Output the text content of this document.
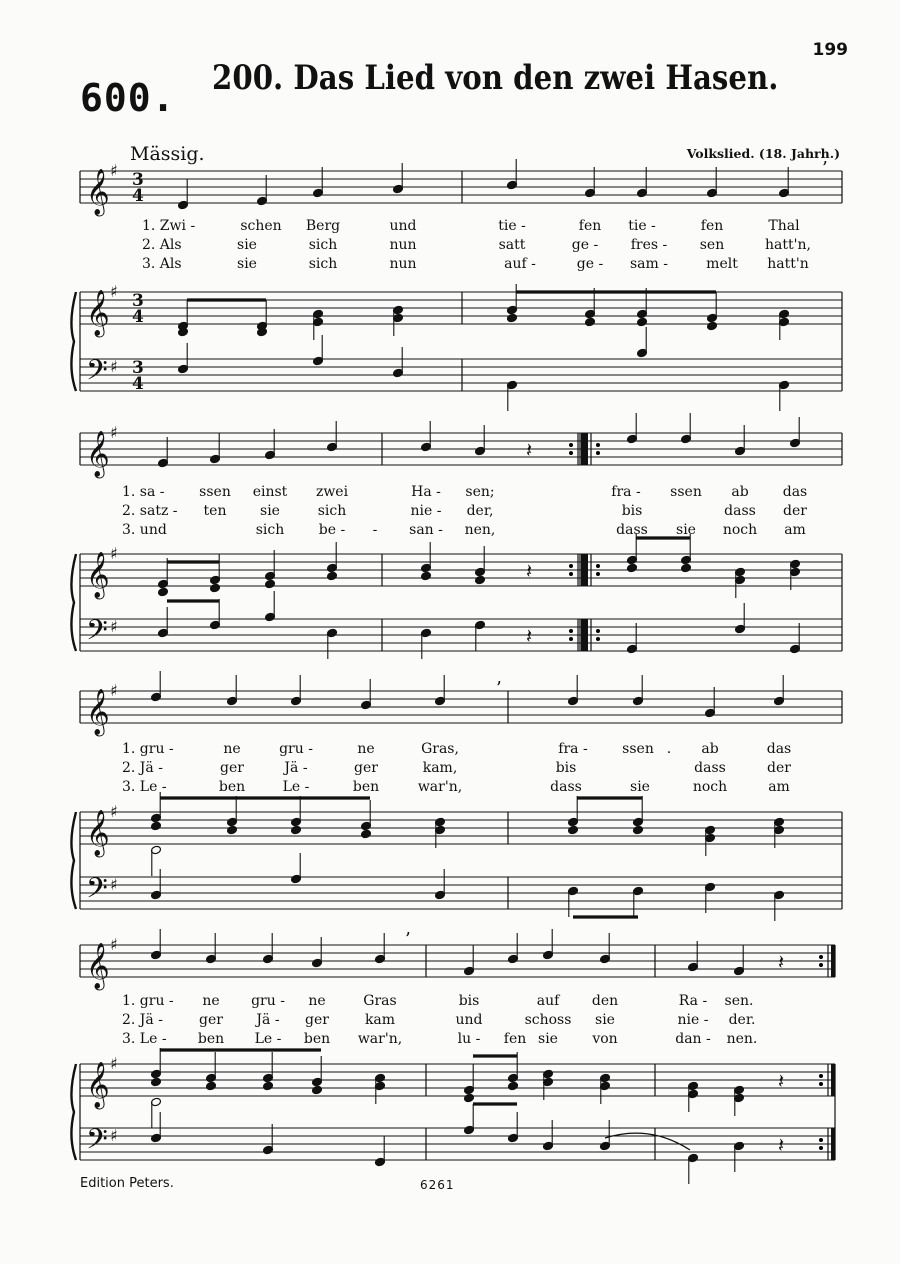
𝄞
𝄞
𝄢
♯
♯
♯
3
4
3
4
3
4
𝄞
𝄞
𝄢
♯
♯
♯
𝄞
𝄞
𝄢
♯
♯
♯
𝄞
𝄞
𝄢
♯
♯
♯
𝄽
𝄽
𝄽
𝄽
𝄽
𝄽
’
’
’
199
600. 200. Das Lied von den zwei Hasen.
Mässig.	Volkslied. (18. Jahrh.)
Edition Peters.	6261
1. Zwi -	schen Berg	und	tie -	fen tie -	fen	Thal
2. Als	sie	sich	nun	satt	ge - fres - sen	hatt'n,
3. Als	sie	sich	nun	auf -	ge - sam -	melt hatt'n
1. sa - ssen einst zwei	Ha - sen;	fra - ssen ab das
2. satz - ten sie	sich	nie - der,	bis	dass der
3. und	sich be - - san - nen,	dass sie noch am
1. gru -	ne	gru -	ne	Gras,	fra - ssen . ab	das
2. Jä -	ger	Jä -	ger	kam,	bis	dass	der
3. Le -	ben	Le -	ben	war'n,	dass	sie	noch	am
1. gru - ne gru - ne	Gras	bis	auf den	Ra - sen.
2. Jä -	ger Jä - ger	kam	und	schoss sie	nie - der.
3. Le - ben Le - ben war'n,	lu - fen sie von	dan - nen.
